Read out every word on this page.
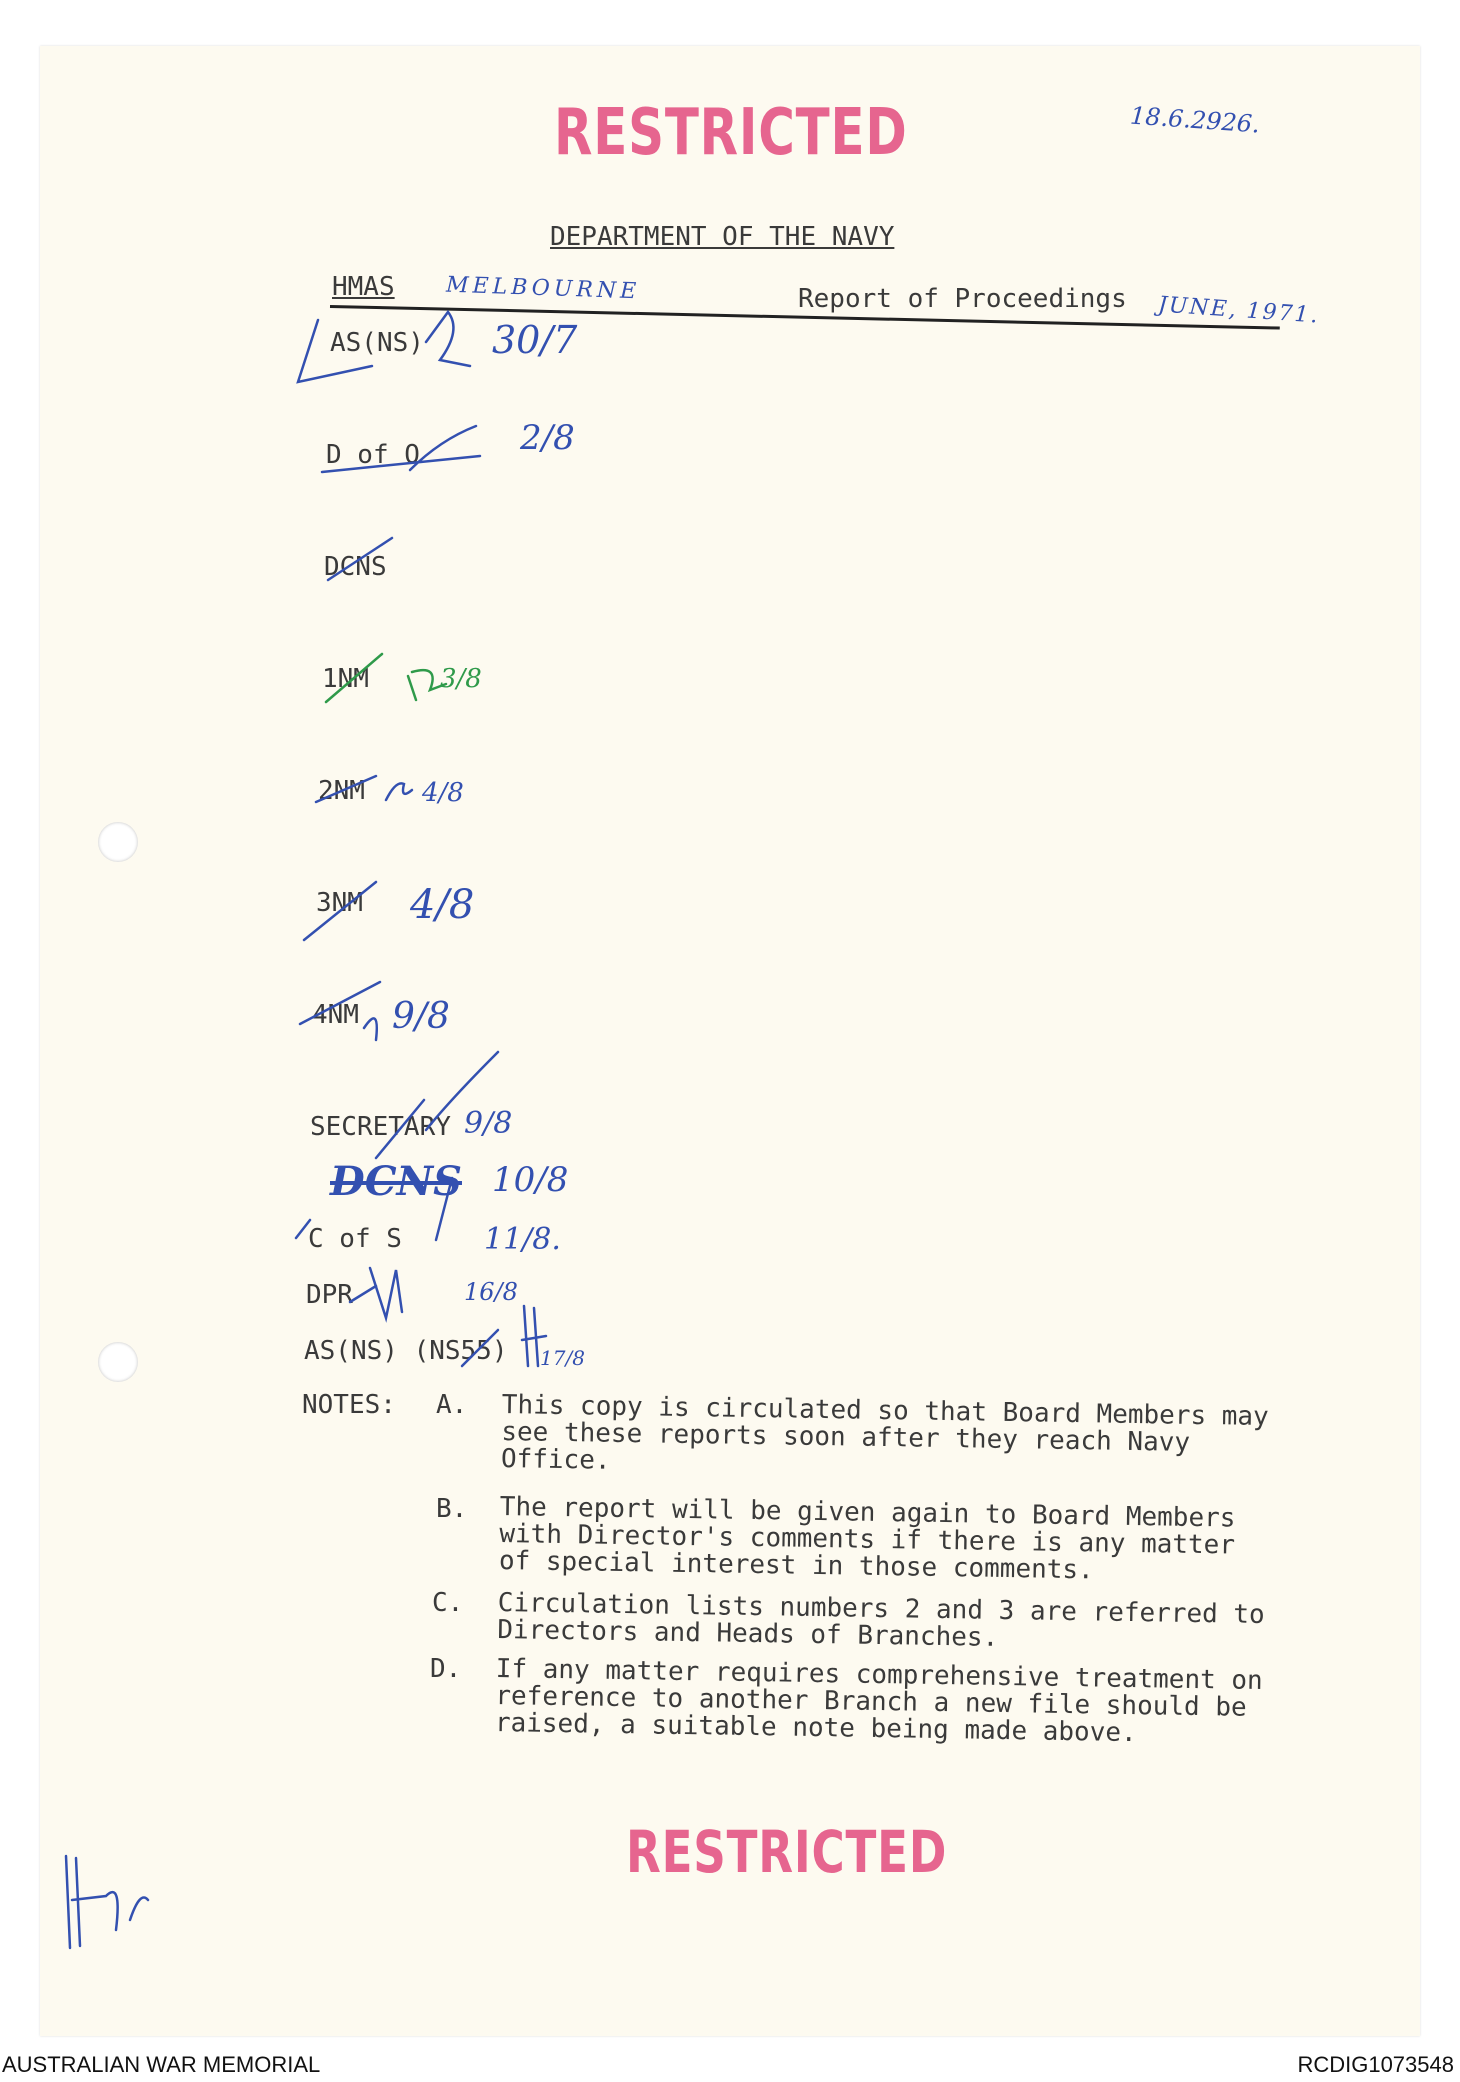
RESTRICTED
RESTRICTED
18.6.2926.
DEPARTMENT OF THE NAVY
HMAS MELBOURNE	Report of Proceedings JUNE, 1971.
AS(NS)
D of O
DCNS
1NM
2NM
3NM
4NM
SECRETARY
C of S
DPR
AS(NS) (NS55)
30/7
2/8
3/8
4/8
4/8
9/8
9/8
DCNS 10/8
11/8.
16/8
17/8
NOTES: A. This copy is circulated so that Board Members may
see these reports soon after they reach Navy
Office.
B. The report will be given again to Board Members
with Director's comments if there is any matter
of special interest in those comments.
C. Circulation lists numbers 2 and 3 are referred to
Directors and Heads of Branches.
D. If any matter requires comprehensive treatment on
reference to another Branch a new file should be
raised, a suitable note being made above.
AUSTRALIAN WAR MEMORIAL	RCDIG1073548
